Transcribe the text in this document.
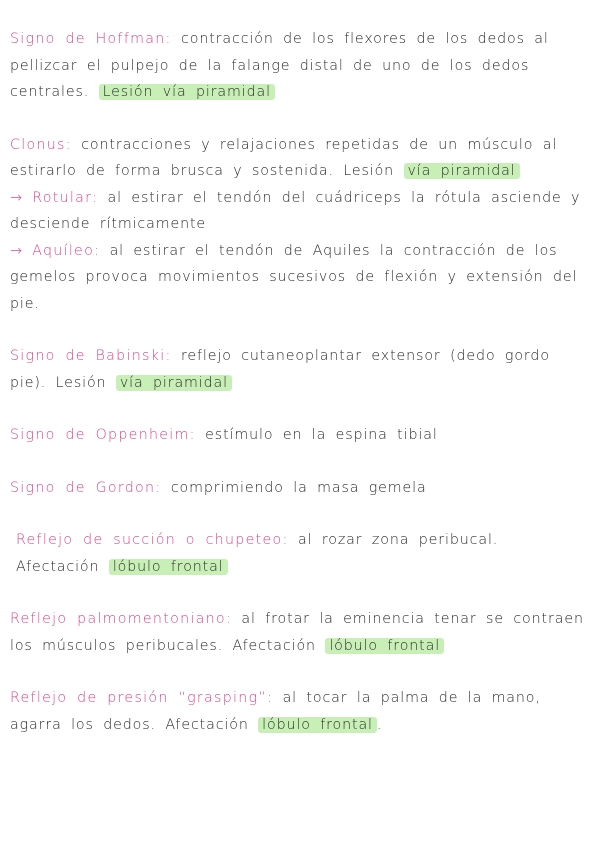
Signo de Hoffman: contracción de los flexores de los dedos al pellizcar el pulpejo de la falange distal de uno de los dedos centrales. Lesión vía piramidal

Clonus: contracciones y relajaciones repetidas de un músculo al estirarlo de forma brusca y sostenida. Lesión vía piramidal

→ Rotular: al estirar el tendón del cuádriceps la rótula asciende y desciende rítmicamente

→ Aquíleo: al estirar el tendón de Aquiles la contracción de los gemelos provoca movimientos sucesivos de flexión y extensión del pie.

Signo de Babinski: reflejo cutaneoplantar extensor (dedo gordo pie). Lesión vía piramidal

Signo de Oppenheim: estímulo en la espina tibial

Signo de Gordon: comprimiendo la masa gemela

Reflejo de succión o chupeteo: al rozar zona peribucal. Afectación lóbulo frontal

Reflejo palmomentoniano: al frotar la eminencia tenar se contraen los músculos peribucales. Afectación lóbulo frontal

Reflejo de presión “grasping”: al tocar la palma de la mano, agarra los dedos. Afectación lóbulo frontal .
